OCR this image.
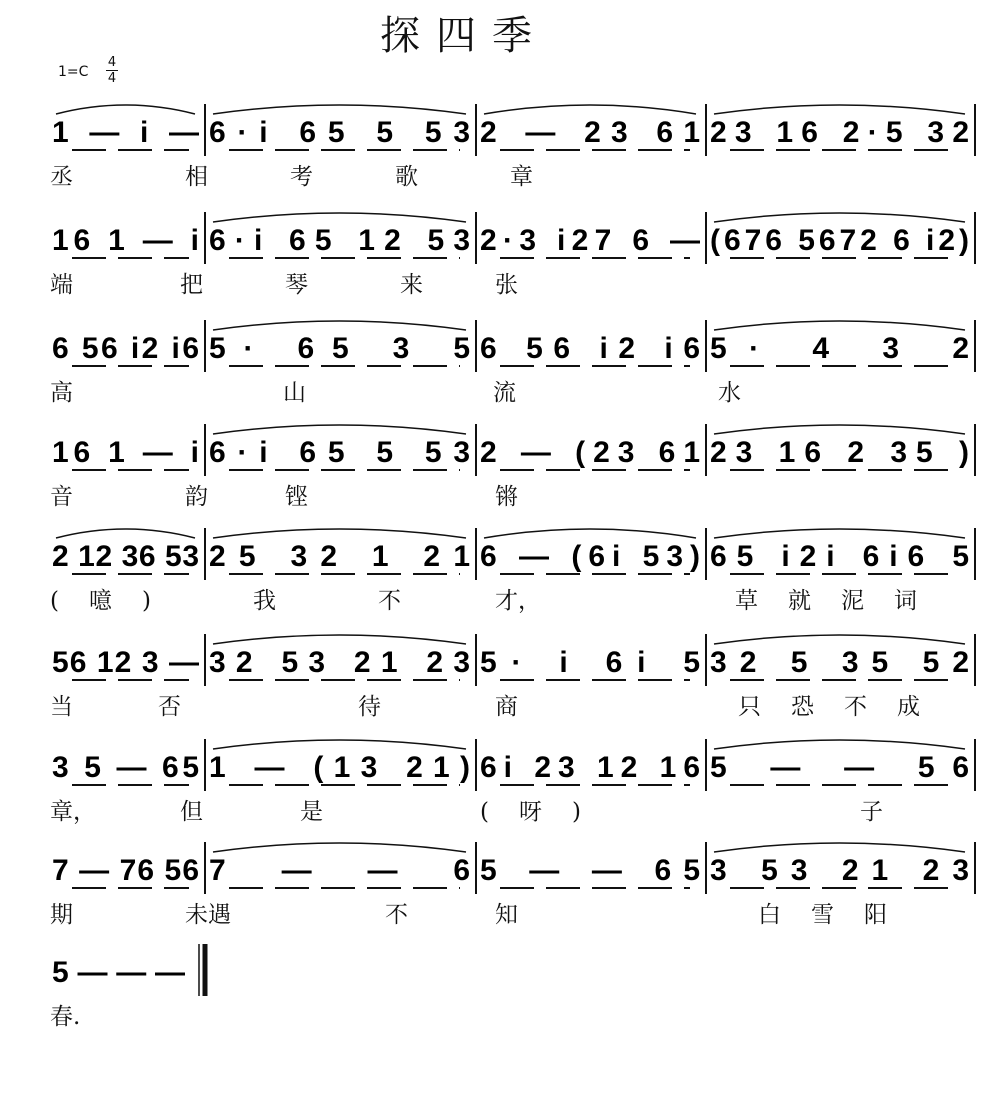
探四季
1=C
4
4
1 — i — 6·i 65 5 53 2 — 23 61 23 16 2·5 32
丞	相	考	歌	章
16 1 — i 6·i 65 12 53 2·3 i27 6 — (676 5672 6 i2)
端	把	琴	来	张
6 56 i2 i6 5· 65 3 5 6 56 i2 i6 5· 4 3 2
高	山	流	水
16 1 — i 6·i 65 5 53 2 — (23 61 23 16 2 35 )
音	韵	铿	锵
2 12 36 53 25 32 1 21 6 — (6i 53) 65 i2i 6i6 5
(噫)	我	不	才，	草就泥词
56 12 3 — 32 53 21 23 5· i 6i 5 32 5 35 52
当	否	待	商	只恐不成
3 5 — 65 1 — (13 21) 6i 23 12 16 5 — — 56
章，	但	是	(呀)	子
7 — 76 56 7 — — 6 5 — — 65 3 53 21 23
期	未遇	不	知	白雪阳
5 — — —
春.
